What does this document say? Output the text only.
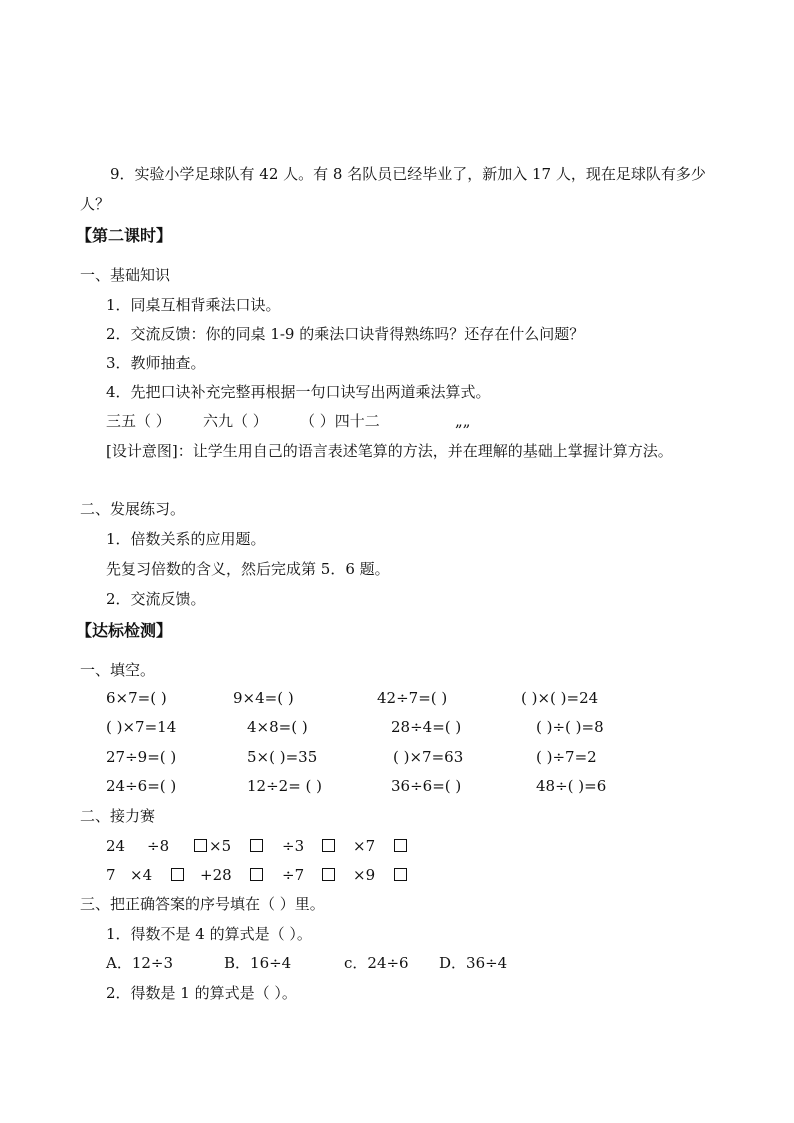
9．实验小学足球队有 42 人。有 8 名队员已经毕业了，新加入 17 人，现在足球队有多少
人？
【第二课时】
一、基础知识
1．同桌互相背乘法口诀。
2．交流反馈：你的同桌 1-9 的乘法口诀背得熟练吗？还存在什么问题？
3．教师抽查。
4．先把口诀补充完整再根据一句口诀写出两道乘法算式。
三五（ ） 六九（ ） （ ）四十二	„„
[设计意图]：让学生用自己的语言表述笔算的方法，并在理解的基础上掌握计算方法。
二、发展练习。
1．倍数关系的应用题。
先复习倍数的含义，然后完成第 5．6 题。
2．交流反馈。
【达标检测】
一、填空。
6×7=( )	9×4=( )	42÷7=( )	( )×( )=24
( )×7=14	4×8=( )	28÷4=( )	( )÷( )=8
27÷9=( )	5×( )=35	( )×7=63	( )÷7=2
24÷6=( )	12÷2= ( )	36÷6=( )	48÷( )=6
二、接力赛
24 ÷8	×5	÷3	×7
7 ×4	+28	÷7	×9
三、把正确答案的序号填在（ ）里。
1．得数不是 4 的算式是（ ）。
A．12÷3	B．16÷4	c．24÷6 D．36÷4
2．得数是 1 的算式是（ ）。
